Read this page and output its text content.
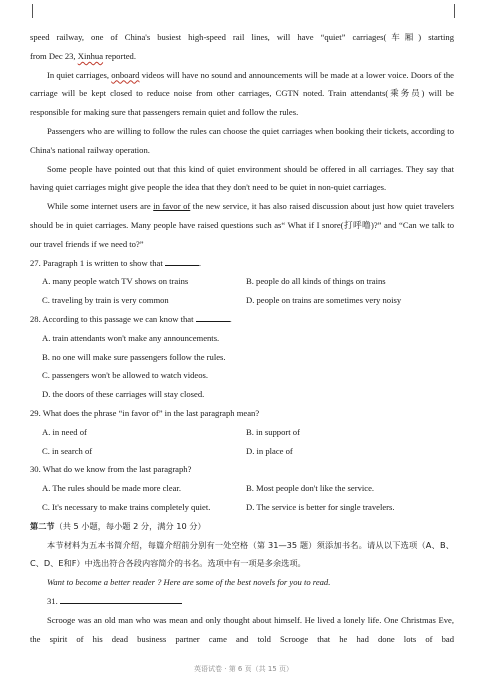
speed railway, one of China's busiest high-speed rail lines, will have “quiet” carriages(车厢) starting

from Dec 23, Xinhua reported.

In quiet carriages, onboard videos will have no sound and announcements will be made at a lower voice. Doors of the carriage will be kept closed to reduce noise from other carriages, CGTN noted. Train attendants(乘务员) will be responsible for making sure that passengers remain quiet and follow the rules.

Passengers who are willing to follow the rules can choose the quiet carriages when booking their tickets, according to China's national railway operation.

Some people have pointed out that this kind of quiet environment should be offered in all carriages. They say that having quiet carriages might give people the idea that they don't need to be quiet in non-quiet carriages.

While some internet users are in favor of the new service, it has also raised discussion about just how quiet travelers should be in quiet carriages. Many people have raised questions such as“ What if I snore(打呼噜)?” and “Can we talk to our travel friends if we need to?”

27. Paragraph 1 is written to show that	.

A. many people watch TV shows on trains	B. people do all kinds of things on trains
C. traveling by train is very common	D. people on trains are sometimes very noisy

28. According to this passage we can know that	.

A. train attendants won't make any announcements.

B. no one will make sure passengers follow the rules.

C. passengers won't be allowed to watch videos.

D. the doors of these carriages will stay closed.

29. What does the phrase “in favor of” in the last paragraph mean?

A. in need of	B. in support of
C. in search of	D. in place of

30. What do we know from the last paragraph?

A. The rules should be made more clear.	B. Most people don't like the service.
C. It's necessary to make trains completely quiet.	D. The service is better for single travelers.

第二节（共 5 小题，每小题 2 分，满分 10 分）

本节材料为五本书简介绍，每篇介绍前分别有一处空格（第 31—35 题）须添加书名。请从以下选项（A、B、C、D、E和F）中选出符合各段内容简介的书名。选项中有一项是多余选项。

Want to become a better reader ? Here are some of the best novels for you to read.

31.

Scrooge was an old man who was mean and only thought about himself. He lived a lonely life. One Christmas Eve, the spirit of his dead business partner came and told Scrooge that he had done lots of bad

英语试卷 · 第 6 页（共 15 页）
